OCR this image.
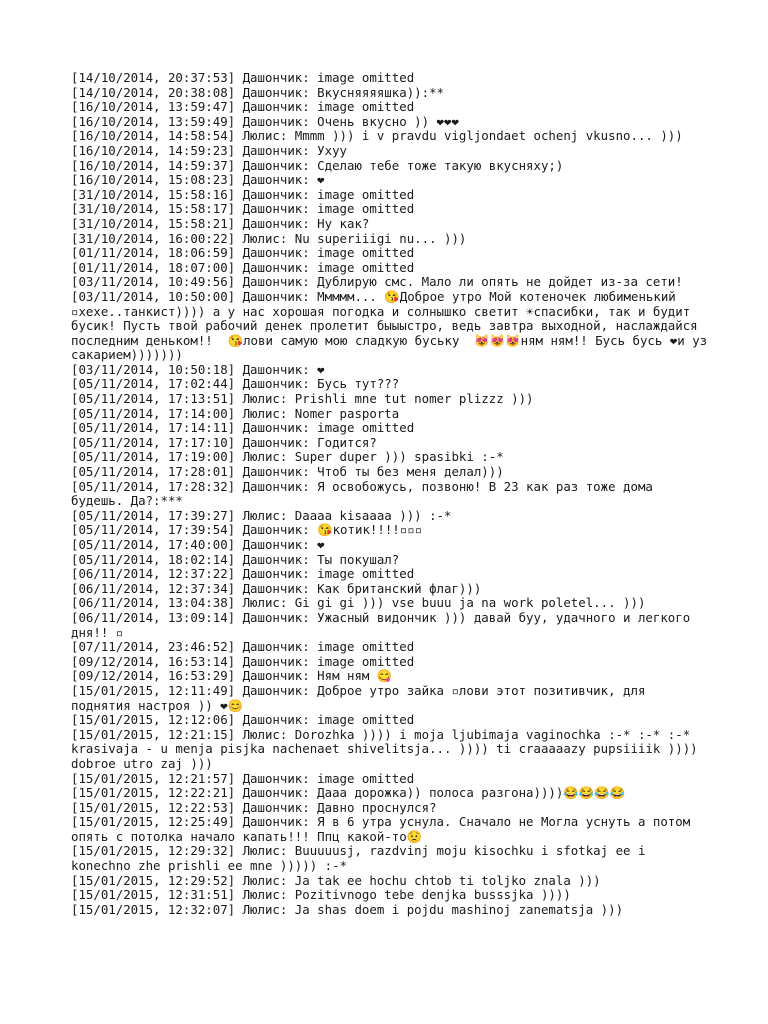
[14/10/2014, 20:37:53] Дашончик: image omitted
[14/10/2014, 20:38:08] Дашончик: Вкусняяяяшка)):**
[16/10/2014, 13:59:47] Дашончик: image omitted
[16/10/2014, 13:59:49] Дашончик: Очень вкусно )) ❤❤❤
[16/10/2014, 14:58:54] Люлис: Mmmm ))) i v pravdu vigljondaet ochenj vkusno... )))
[16/10/2014, 14:59:23] Дашончик: Ухуу
[16/10/2014, 14:59:37] Дашончик: Сделаю тебе тоже такую вкусняху;)
[16/10/2014, 15:08:23] Дашончик: ❤
[31/10/2014, 15:58:16] Дашончик: image omitted
[31/10/2014, 15:58:17] Дашончик: image omitted
[31/10/2014, 15:58:21] Дашончик: Ну как?
[31/10/2014, 16:00:22] Люлис: Nu superiiigi nu... )))
[01/11/2014, 18:06:59] Дашончик: image omitted
[01/11/2014, 18:07:00] Дашончик: image omitted
[03/11/2014, 10:49:56] Дашончик: Дублирую смс. Мало ли опять не дойдет из-за сети!
[03/11/2014, 10:50:00] Дашончик: Ммммм... 😘Доброе утро Мой котеночек любименький ▫хехе..танкист)))) а у нас хорошая погодка и солнышко светит ☀спасибки, так и будит бусик! Пусть твой рабочий денек пролетит быыыстро, ведь завтра выходной, наслаждайся последним деньком!!  😘лови самую мою сладкую буську  😻😻😻ням ням!! Бусь бусь ❤и уз сакарием)))))))
[03/11/2014, 10:50:18] Дашончик: ❤
[05/11/2014, 17:02:44] Дашончик: Бусь тут???
[05/11/2014, 17:13:51] Люлис: Prishli mne tut nomer plizzz )))
[05/11/2014, 17:14:00] Люлис: Nomer pasporta
[05/11/2014, 17:14:11] Дашончик: image omitted
[05/11/2014, 17:17:10] Дашончик: Годится?
[05/11/2014, 17:19:00] Люлис: Super duper ))) spasibki :-*
[05/11/2014, 17:28:01] Дашончик: Чтоб ты без меня делал)))
[05/11/2014, 17:28:32] Дашончик: Я освобожусь, позвоню! В 23 как раз тоже дома будешь. Да?:***
[05/11/2014, 17:39:27] Люлис: Daaaa kisaaaa ))) :-*
[05/11/2014, 17:39:54] Дашончик: 😘котик!!!!▫▫▫
[05/11/2014, 17:40:00] Дашончик: ❤
[05/11/2014, 18:02:14] Дашончик: Ты покушал?
[06/11/2014, 12:37:22] Дашончик: image omitted
[06/11/2014, 12:37:34] Дашончик: Как британский флаг)))
[06/11/2014, 13:04:38] Люлис: Gi gi gi ))) vse buuu ja na work poletel... )))
[06/11/2014, 13:09:14] Дашончик: Ужасный видончик ))) давай буу, удачного и легкого дня!! ▫
[07/11/2014, 23:46:52] Дашончик: image omitted
[09/12/2014, 16:53:14] Дашончик: image omitted
[09/12/2014, 16:53:29] Дашончик: Ням ням 😋
[15/01/2015, 12:11:49] Дашончик: Доброе утро зайка ▫лови этот позитивчик, для поднятия настроя )) ❤😊
[15/01/2015, 12:12:06] Дашончик: image omitted
[15/01/2015, 12:21:15] Люлис: Dorozhka )))) i moja ljubimaja vaginochka :-* :-* :-* krasivaja - u menja pisjka nachenaet shivelitsja... )))) ti craaaaazy pupsiiiik )))) dobroe utro zaj )))
[15/01/2015, 12:21:57] Дашончик: image omitted
[15/01/2015, 12:22:21] Дашончик: Дааа дорожка)) полоса разгона))))😂😂😂😂
[15/01/2015, 12:22:53] Дашончик: Давно проснулся?
[15/01/2015, 12:25:49] Дашончик: Я в 6 утра уснула. Сначало не Могла уснуть а потом опять с потолка начало капать!!! Ппц какой-то😟
[15/01/2015, 12:29:32] Люлис: Buuuuusj, razdvinj moju kisochku i sfotkaj ee i konechno zhe prishli ee mne ))))) :-*
[15/01/2015, 12:29:52] Люлис: Ja tak ee hochu chtob ti toljko znala )))
[15/01/2015, 12:31:51] Люлис: Pozitivnogo tebe denjka busssjka ))))
[15/01/2015, 12:32:07] Люлис: Ja shas doem i pojdu mashinoj zanematsja )))
